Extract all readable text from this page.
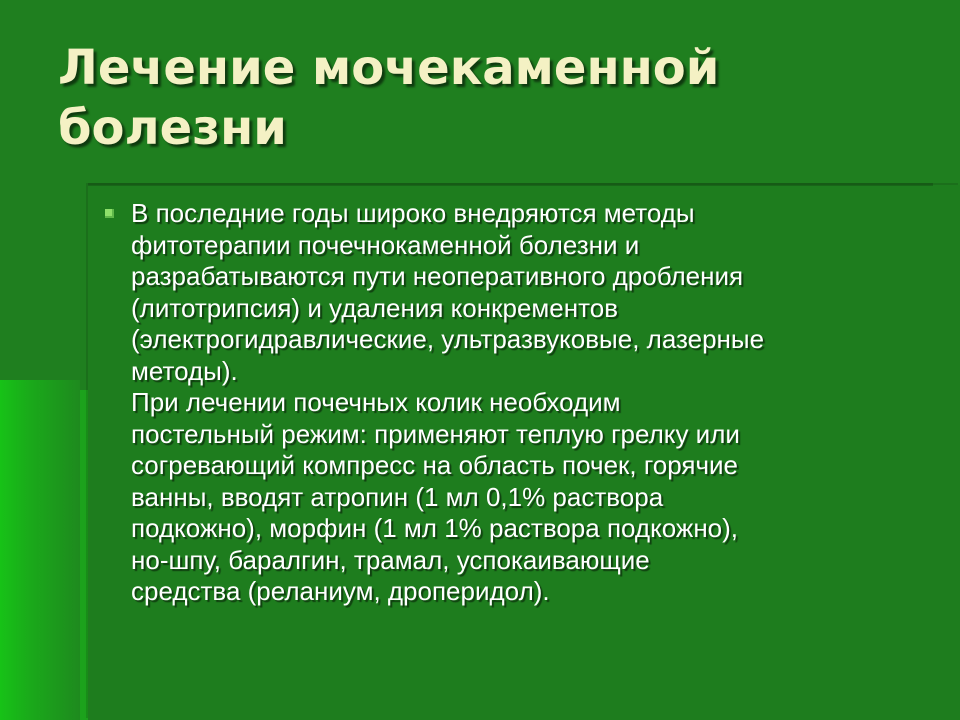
Лечение мочекаменной
болезни
В последние годы широко внедряются методы
фитотерапии почечнокаменной болезни и
разрабатываются пути неоперативного дробления
(литотрипсия) и удаления конкрементов
(электрогидравлические, ультразвуковые, лазерные
методы).
При лечении почечных колик необходим
постельный режим: применяют теплую грелку или
согревающий компресс на область почек, горячие
ванны, вводят атропин (1 мл 0,1% раствора
подкожно), морфин (1 мл 1% раствора подкожно),
но-шпу, баралгин, трамал, успокаивающие
средства (реланиум, дроперидол).
